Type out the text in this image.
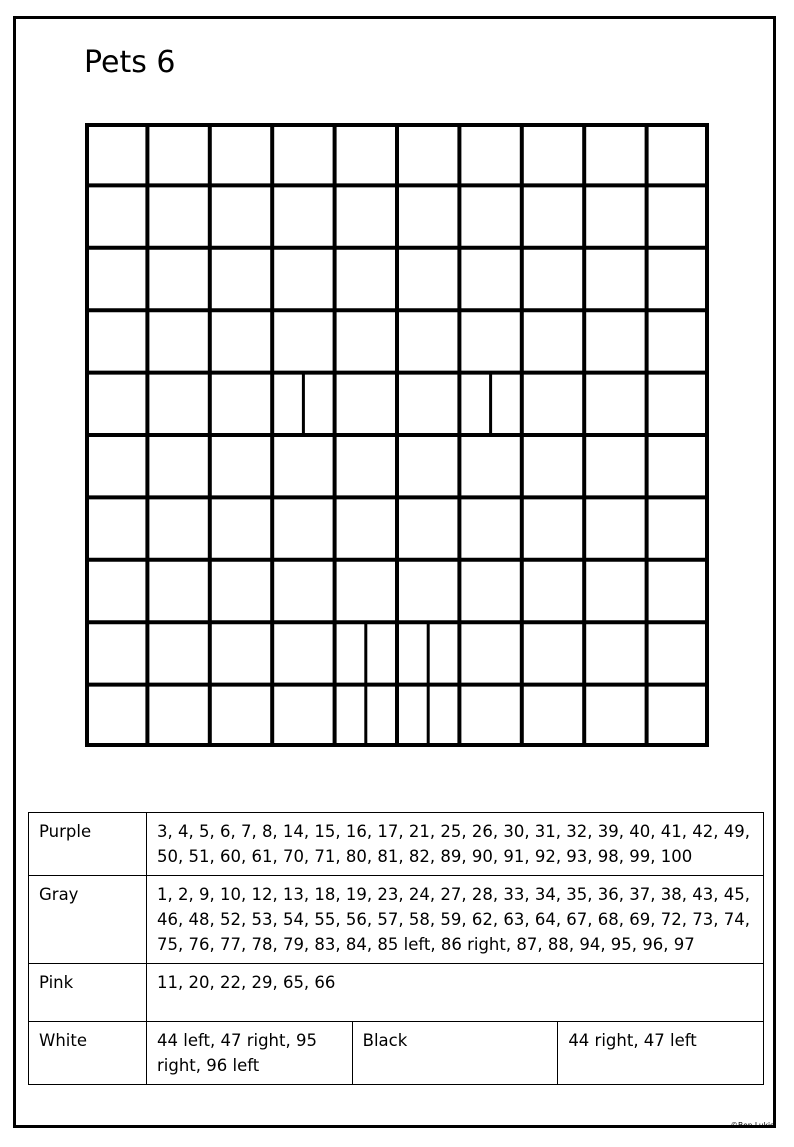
Pets 6
Purple	3, 4, 5, 6, 7, 8, 14, 15, 16, 17, 21, 25, 26, 30, 31, 32, 39, 40, 41, 42, 49, 50, 51, 60, 61, 70, 71, 80, 81, 82, 89, 90, 91, 92, 93, 98, 99, 100		
Gray	1, 2, 9, 10, 12, 13, 18, 19, 23, 24, 27, 28, 33, 34, 35, 36, 37, 38, 43, 45, 46, 48, 52, 53, 54, 55, 56, 57, 58, 59, 62, 63, 64, 67, 68, 69, 72, 73, 74, 75, 76, 77, 78, 79, 83, 84, 85 left, 86 right, 87, 88, 94, 95, 96, 97		
Pink	11, 20, 22, 29, 65, 66		
White	44 left, 47 right, 95 right, 96 left	Black	44 right, 47 left
©Ben Lukis
